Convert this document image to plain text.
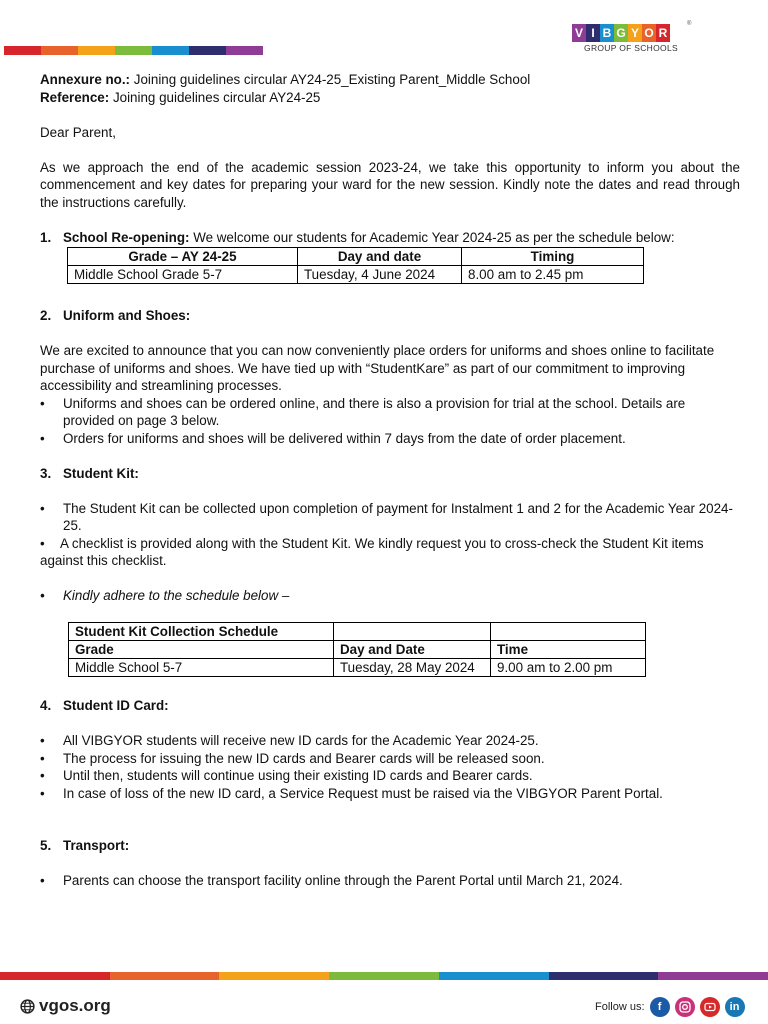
V I B G Y O R
GROUP OF SCHOOLS
®

Annexure no.: Joining guidelines circular AY24-25_Existing Parent_Middle School

Reference: Joining guidelines circular AY24-25

Dear Parent,

As we approach the end of the academic session 2023-24, we take this opportunity to inform you about the commencement and key dates for preparing your ward for the new session. Kindly note the dates and read through the instructions carefully.

1. School Re-opening: We welcome our students for Academic Year 2024-25 as per the schedule below:

Grade – AY 24-25	Day and date	Timing
Middle School Grade 5-7	Tuesday, 4 June 2024	8.00 am to 2.45 pm

2. Uniform and Shoes:

We are excited to announce that you can now conveniently place orders for uniforms and shoes online to facilitate purchase of uniforms and shoes. We have tied up with “StudentKare” as part of our commitment to improving accessibility and streamlining processes.

• Uniforms and shoes can be ordered online, and there is also a provision for trial at the school. Details are provided on page 3 below.

• Orders for uniforms and shoes will be delivered within 7 days from the date of order placement.

3. Student Kit:

• The Student Kit can be collected upon completion of payment for Instalment 1 and 2 for the Academic Year 2024-25.

• A checklist is provided along with the Student Kit. We kindly request you to cross-check the Student Kit items against this checklist.

• Kindly adhere to the schedule below –

Student Kit Collection Schedule		
Grade	Day and Date	Time
Middle School 5-7	Tuesday, 28 May 2024	9.00 am to 2.00 pm

4. Student ID Card:

• All VIBGYOR students will receive new ID cards for the Academic Year 2024-25.

• The process for issuing the new ID cards and Bearer cards will be released soon.

• Until then, students will continue using their existing ID cards and Bearer cards.

• In case of loss of the new ID card, a Service Request must be raised via the VIBGYOR Parent Portal.

5. Transport:

• Parents can choose the transport facility online through the Parent Portal until March 21, 2024.

vgos.org	Follow us:	f	in
